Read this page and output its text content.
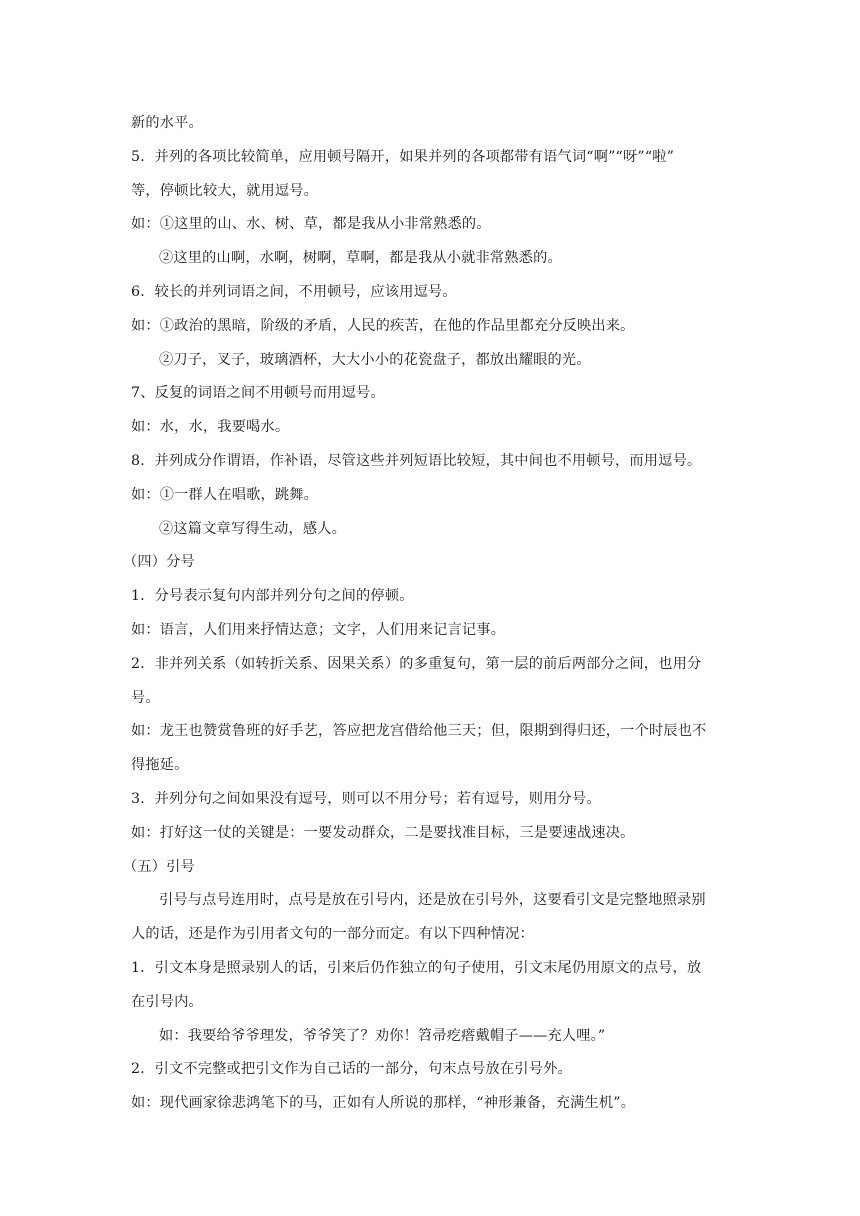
新的水平。
5．并列的各项比较简单，应用顿号隔开，如果并列的各项都带有语气词“啊”“呀”“啦”
等，停顿比较大，就用逗号。
如：①这里的山、水、树、草，都是我从小非常熟悉的。
②这里的山啊，水啊，树啊，草啊，都是我从小就非常熟悉的。
6．较长的并列词语之间，不用顿号，应该用逗号。
如：①政治的黑暗，阶级的矛盾，人民的疾苦，在他的作品里都充分反映出来。
②刀子，叉子，玻璃酒杯，大大小小的花瓷盘子，都放出耀眼的光。
7、反复的词语之间不用顿号而用逗号。
如：水，水，我要喝水。
8．并列成分作谓语，作补语，尽管这些并列短语比较短，其中间也不用顿号，而用逗号。
如：①一群人在唱歌，跳舞。
②这篇文章写得生动，感人。
（四）分号
1．分号表示复句内部并列分句之间的停顿。
如：语言，人们用来抒情达意；文字，人们用来记言记事。
2．非并列关系（如转折关系、因果关系）的多重复句，第一层的前后两部分之间，也用分
号。
如：龙王也赞赏鲁班的好手艺，答应把龙宫借给他三天；但，限期到得归还，一个时辰也不
得拖延。
3．并列分句之间如果没有逗号，则可以不用分号；若有逗号，则用分号。
如：打好这一仗的关键是：一要发动群众，二是要找准目标，三是要速战速决。
（五）引号
引号与点号连用时，点号是放在引号内，还是放在引号外，这要看引文是完整地照录别
人的话，还是作为引用者文句的一部分而定。有以下四种情况：
1．引文本身是照录别人的话，引来后仍作独立的句子使用，引文末尾仍用原文的点号，放
在引号内。
如：我要给爷爷理发，爷爷笑了？劝你！笤帚疙瘩戴帽子——充人哩。”
2．引文不完整或把引文作为自己话的一部分，句末点号放在引号外。
如：现代画家徐悲鸿笔下的马，正如有人所说的那样，“神形兼备，充满生机”。
